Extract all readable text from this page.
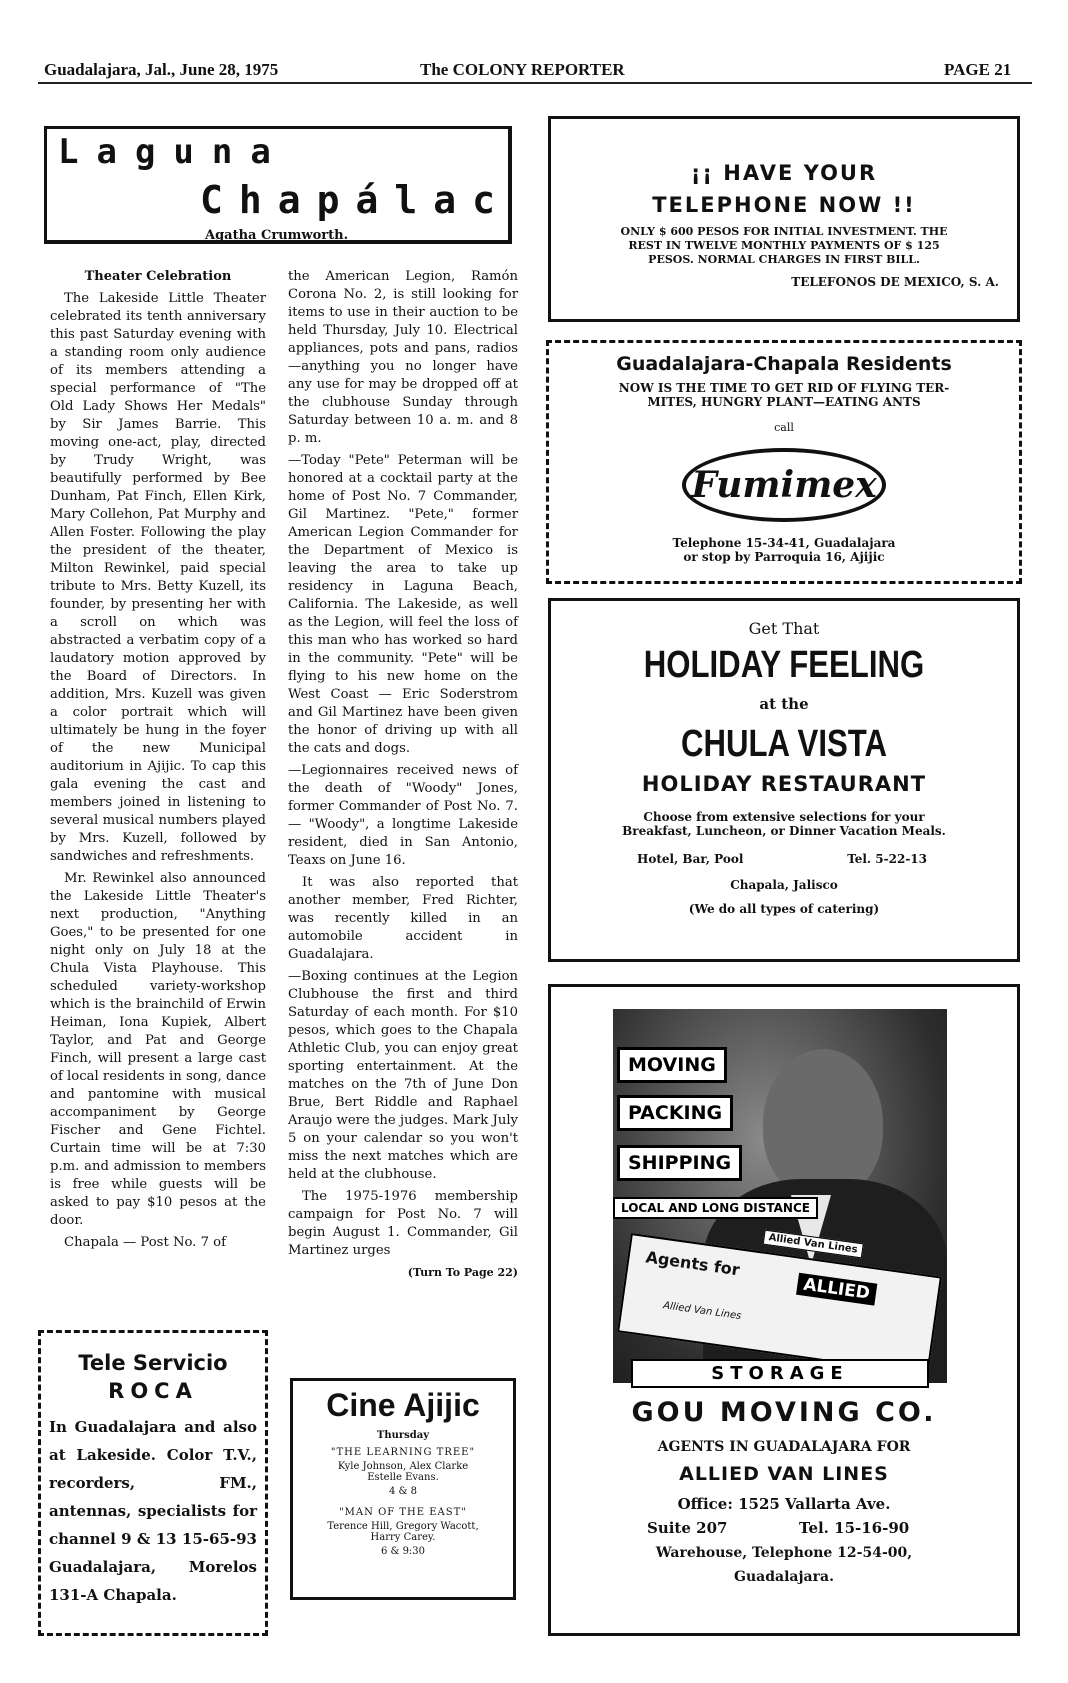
Guadalajara, Jal., June 28, 1975	The COLONY REPORTER	PAGE 21
Laguna
Chapálac
Agatha Crumworth.

Theater Celebration

The Lakeside Little Theater celebrated its tenth anniversary this past Saturday evening with a standing room only audience of its members attending a special performance of "The Old Lady Shows Her Medals" by Sir James Barrie. This moving one-act, play, directed by Trudy Wright, was beautifully performed by Bee Dunham, Pat Finch, Ellen Kirk, Mary Collehon, Pat Murphy and Allen Foster. Following the play the president of the theater, Milton Rewinkel, paid special tribute to Mrs. Betty Kuzell, its founder, by presenting her with a scroll on which was abstracted a verbatim copy of a laudatory motion approved by the Board of Directors. In addition, Mrs. Kuzell was given a color portrait which will ultimately be hung in the foyer of the new Municipal auditorium in Ajijic. To cap this gala evening the cast and members joined in listening to several musical numbers played by Mrs. Kuzell, followed by sandwiches and refreshments.

Mr. Rewinkel also announced the Lakeside Little Theater's next production, "Anything Goes," to be presented for one night only on July 18 at the Chula Vista Playhouse. This scheduled variety-workshop which is the brainchild of Erwin Heiman, Iona Kupiek, Albert Taylor, and Pat and George Finch, will present a large cast of local residents in song, dance and pantomine with musical accompaniment by George Fischer and Gene Fichtel. Curtain time will be at 7:30 p.m. and admission to members is free while guests will be asked to pay $10 pesos at the door.

Chapala — Post No. 7 of

the American Legion, Ramón Corona No. 2, is still looking for items to use in their auction to be held Thursday, July 10. Electrical appliances, pots and pans, radios—anything you no longer have any use for may be dropped off at the clubhouse Sunday through Saturday between 10 a. m. and 8 p. m.

—Today "Pete" Peterman will be honored at a cocktail party at the home of Post No. 7 Commander, Gil Martinez. "Pete," former American Legion Commander for the Department of Mexico is leaving the area to take up residency in Laguna Beach, California. The Lakeside, as well as the Legion, will feel the loss of this man who has worked so hard in the community. "Pete" will be flying to his new home on the West Coast — Eric Soderstrom and Gil Martinez have been given the honor of driving up with all the cats and dogs.

—Legionnaires received news of the death of "Woody" Jones, former Commander of Post No. 7. — "Woody", a longtime Lakeside resident, died in San Antonio, Teaxs on June 16.

It was also reported that another member, Fred Richter, was recently killed in an automobile accident in Guadalajara.

—Boxing continues at the Legion Clubhouse the first and third Saturday of each month. For $10 pesos, which goes to the Chapala Athletic Club, you can enjoy great sporting entertainment. At the matches on the 7th of June Don Brue, Bert Riddle and Raphael Araujo were the judges. Mark July 5 on your calendar so you won't miss the next matches which are held at the clubhouse.

The 1975-1976 membership campaign for Post No. 7 will begin August 1. Commander, Gil Martinez urges

(Turn To Page 22)
Tele Servicio
ROCA
In Guadalajara and also at Lakeside. Color T.V., recorders, FM., antennas, specialists for channel 9 & 13 15-65-93 Guadalajara, Morelos 131-A Chapala.
Cine Ajijic
Thursday
"THE LEARNING TREE"
Kyle Johnson, Alex Clarke
Estelle Evans.
4 & 8
"MAN OF THE EAST"
Terence Hill, Gregory Wacott,
Harry Carey.
6 & 9:30
¡¡ HAVE YOUR
TELEPHONE NOW !!
ONLY $ 600 PESOS FOR INITIAL INVESTMENT. THE
REST IN TWELVE MONTHLY PAYMENTS OF $ 125
PESOS. NORMAL CHARGES IN FIRST BILL.
TELEFONOS DE MEXICO, S. A.
Guadalajara-Chapala Residents
NOW IS THE TIME TO GET RID OF FLYING TER-
MITES, HUNGRY PLANT—EATING ANTS
call
Fumimex
Telephone 15-34-41, Guadalajara
or stop by Parroquia 16, Ajijic
Get That
HOLIDAY FEELING
at the
CHULA VISTA
HOLIDAY RESTAURANT
Choose from extensive selections for your
Breakfast, Luncheon, or Dinner Vacation Meals.
Hotel, Bar, Pool	Tel. 5-22-13
Chapala, Jalisco
(We do all types of catering)
MOVING
PACKING
SHIPPING
LOCAL AND LONG DISTANCE
Allied Van Lines
Agents for
ALLIED
Allied Van Lines
STORAGE
GOU MOVING CO.
AGENTS IN GUADALAJARA FOR
ALLIED VAN LINES
Office: 1525 Vallarta Ave.
Suite 207	Tel. 15-16-90
Warehouse, Telephone 12-54-00,
Guadalajara.
